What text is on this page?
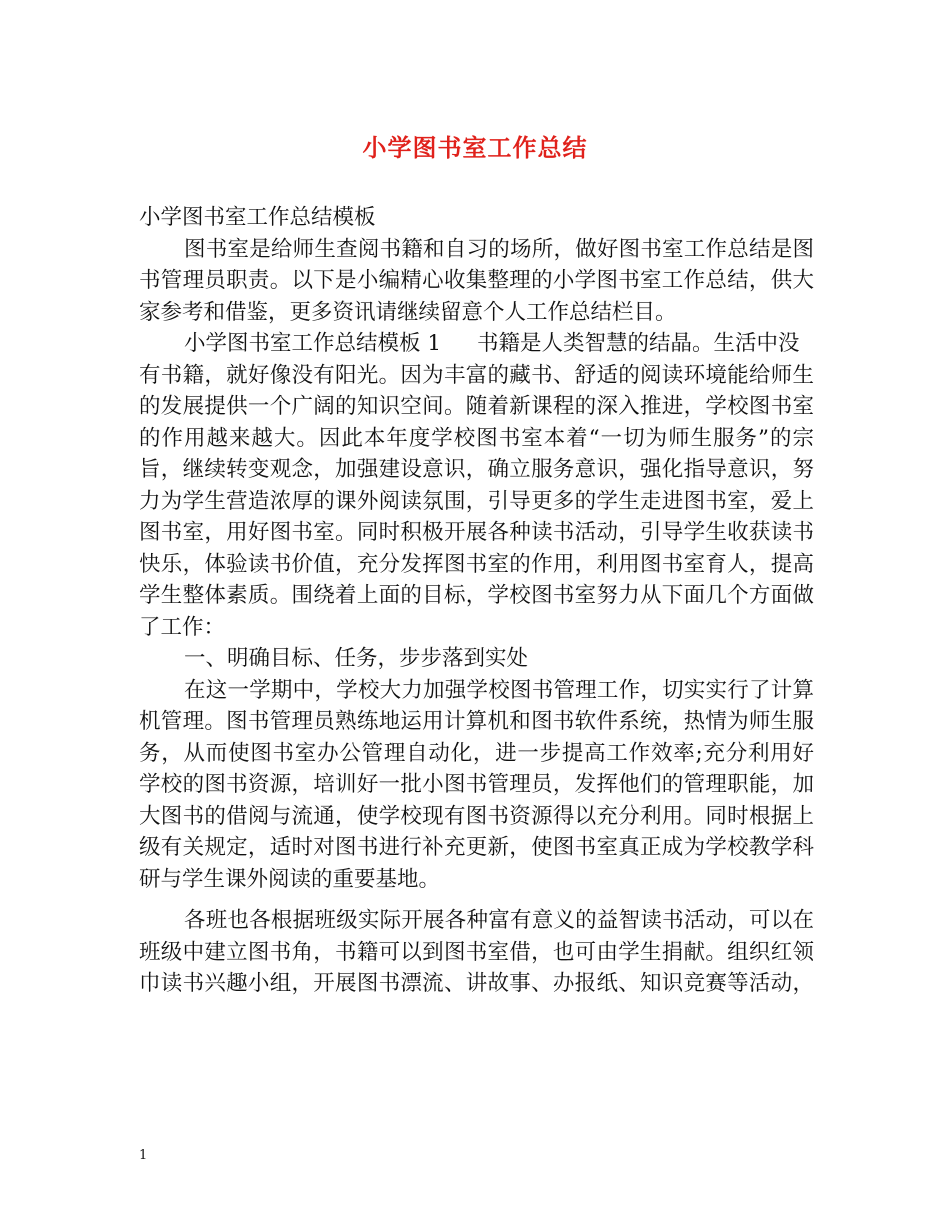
小学图书室工作总结
小学图书室工作总结模板
图书室是给师生查阅书籍和自习的场所，做好图书室工作总结是图
书管理员职责。以下是小编精心收集整理的小学图书室工作总结，供大
家参考和借鉴，更多资讯请继续留意个人工作总结栏目。
小学图书室工作总结模板 1 书籍是人类智慧的结晶。生活中没
有书籍，就好像没有阳光。因为丰富的藏书、舒适的阅读环境能给师生
的发展提供一个广阔的知识空间。随着新课程的深入推进，学校图书室
的作用越来越大。因此本年度学校图书室本着“一切为师生服务”的宗
旨，继续转变观念，加强建设意识，确立服务意识，强化指导意识，努
力为学生营造浓厚的课外阅读氛围，引导更多的学生走进图书室，爱上
图书室，用好图书室。同时积极开展各种读书活动，引导学生收获读书
快乐，体验读书价值，充分发挥图书室的作用，利用图书室育人，提高
学生整体素质。围绕着上面的目标，学校图书室努力从下面几个方面做
了工作：
一、明确目标、任务，步步落到实处
在这一学期中，学校大力加强学校图书管理工作，切实实行了计算
机管理。图书管理员熟练地运用计算机和图书软件系统，热情为师生服
务，从而使图书室办公管理自动化，进一步提高工作效率;充分利用好
学校的图书资源，培训好一批小图书管理员，发挥他们的管理职能，加
大图书的借阅与流通，使学校现有图书资源得以充分利用。同时根据上
级有关规定，适时对图书进行补充更新，使图书室真正成为学校教学科
研与学生课外阅读的重要基地。
各班也各根据班级实际开展各种富有意义的益智读书活动，可以在
班级中建立图书角，书籍可以到图书室借，也可由学生捐献。组织红领
巾读书兴趣小组，开展图书漂流、讲故事、办报纸、知识竞赛等活动，
1
